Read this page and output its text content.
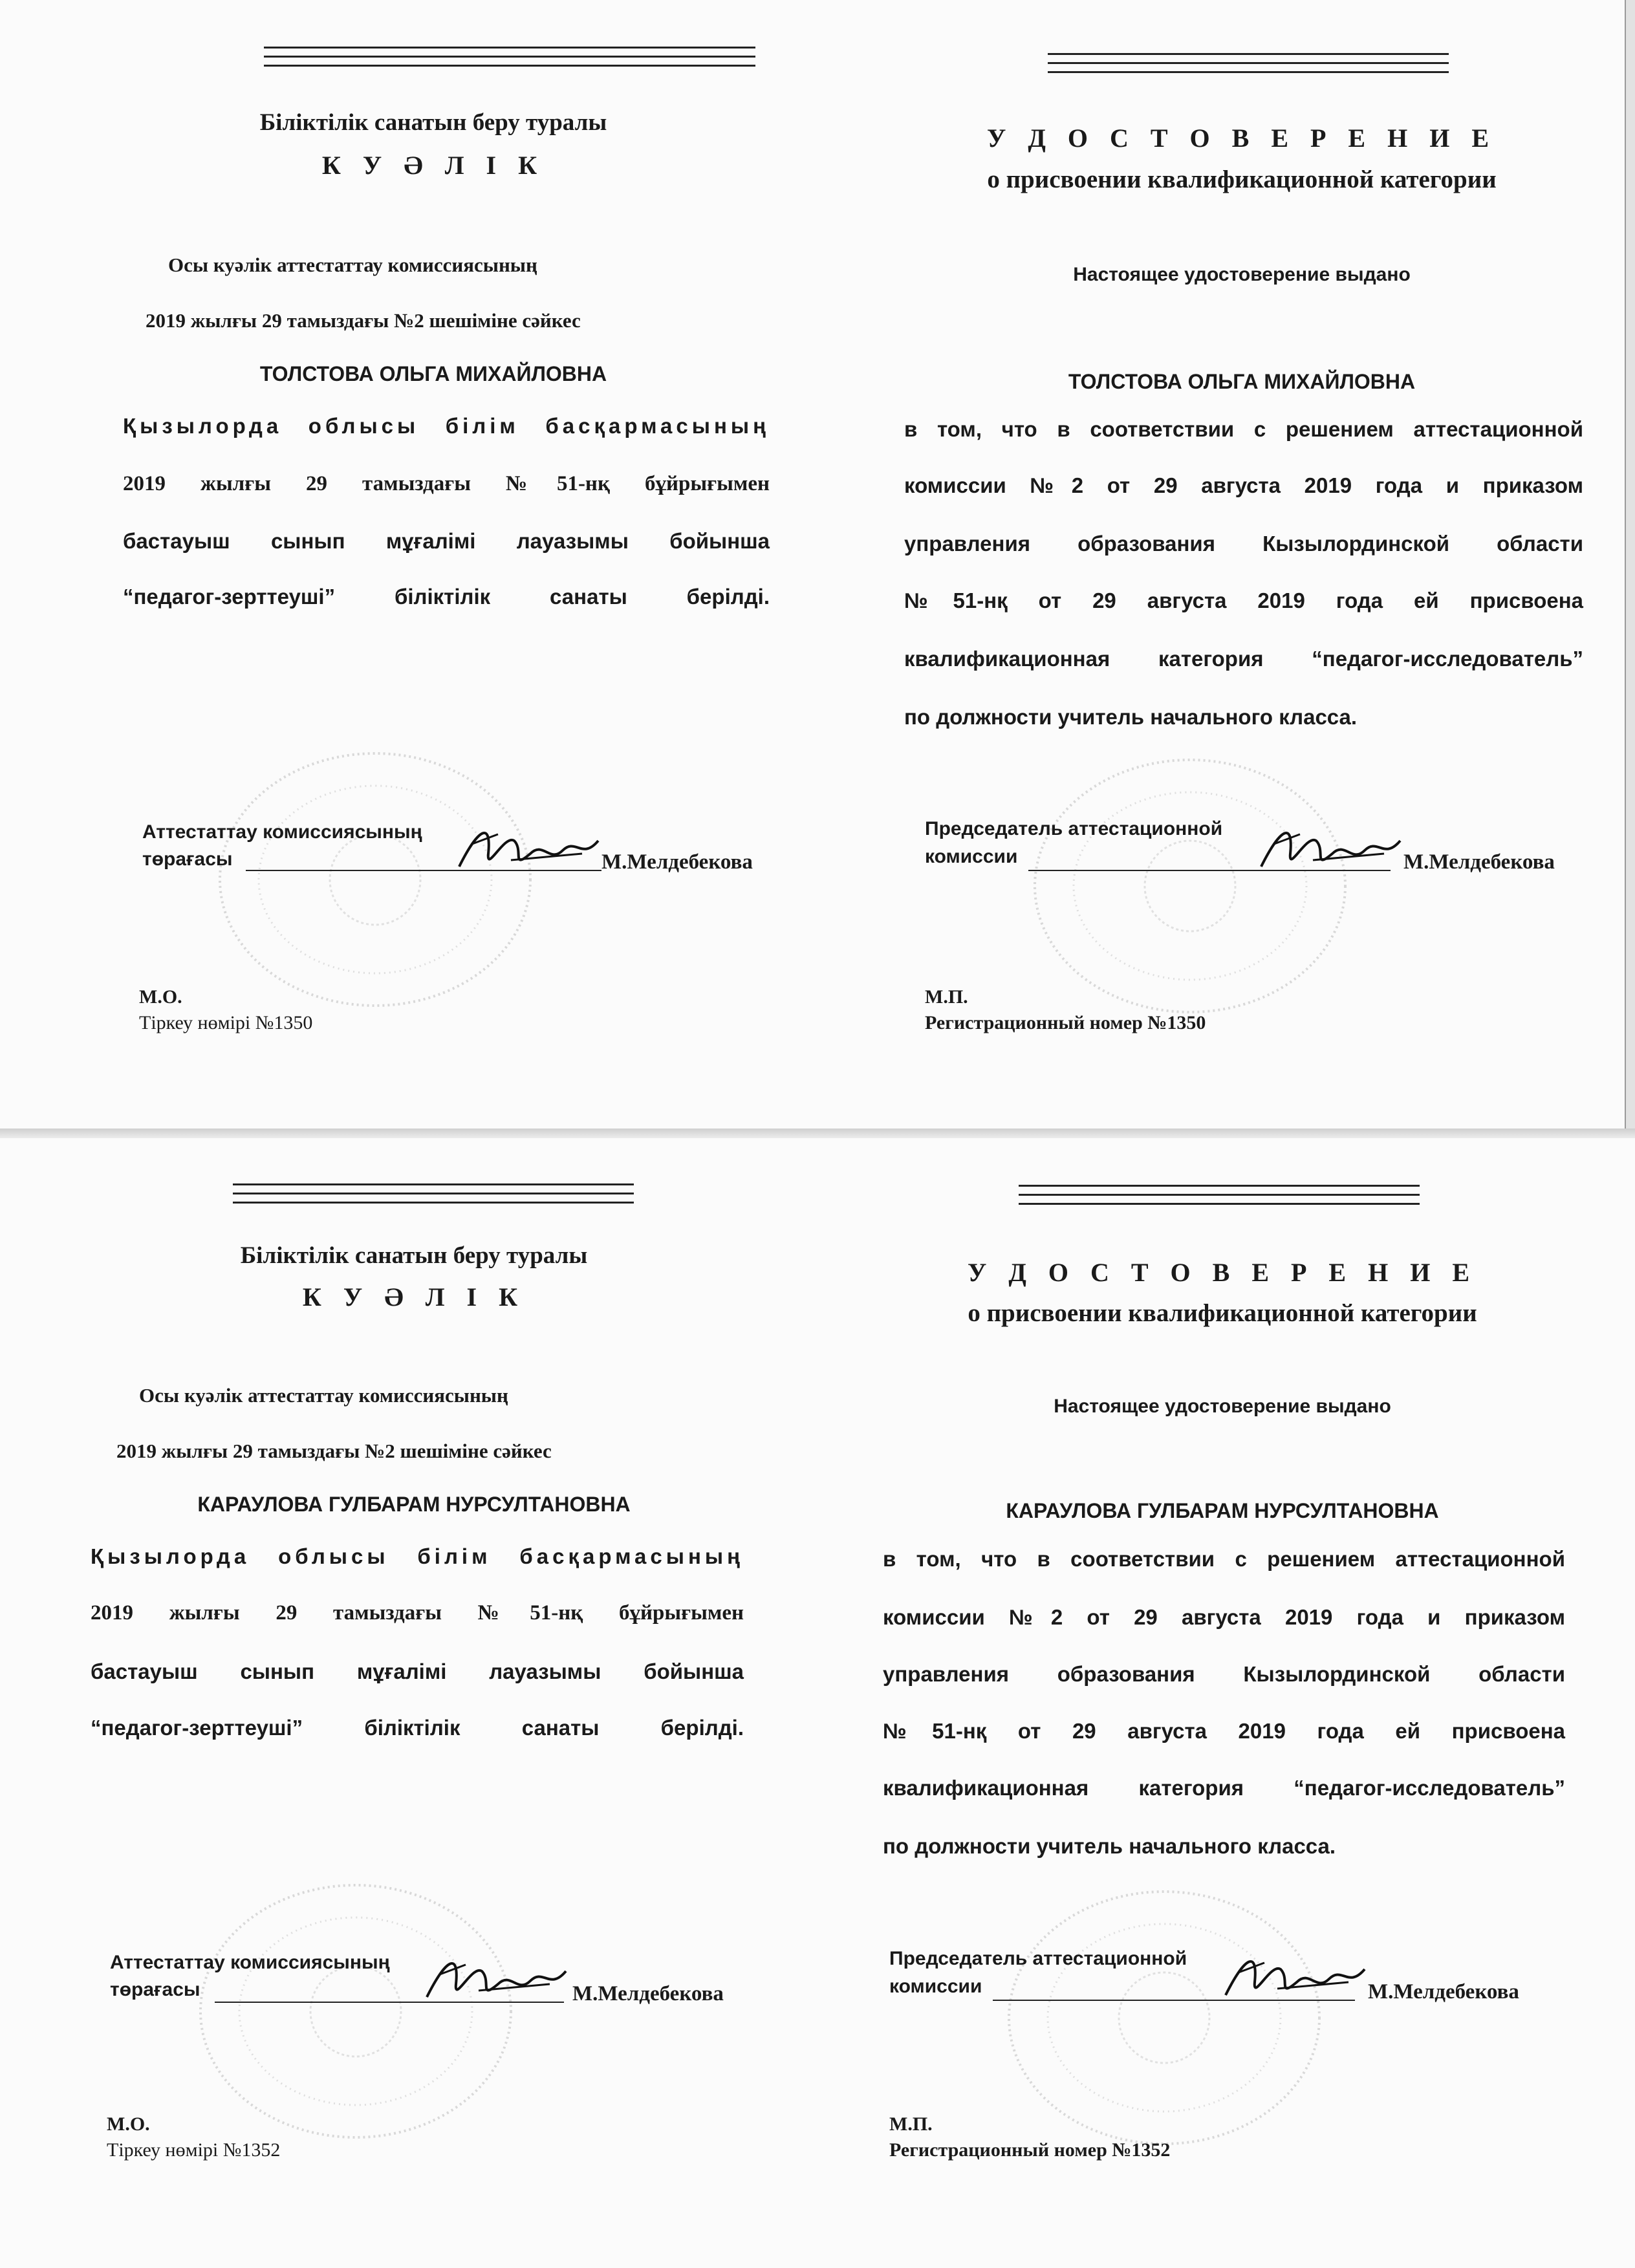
Біліктілік санатын беру туралы
К У Ә Л І К
Осы куәлік аттестаттау комиссиясының
2019 жылғы 29 тамыздағы №2 шешіміне сәйкес
ТОЛСТОВА ОЛЬГА МИХАЙЛОВНА
Қызылорда облысы білім басқармасының
2019 жылғы 29 тамыздағы №51-нқ бұйрығымен
бастауыш сынып мұғалімі лауазымы бойынша
“педагог-зерттеуші” біліктілік санаты берілді.
Аттестаттау комиссиясының
төрағасы	М.Мелдебекова
М.О.
Тіркеу нөмірі №1350
У Д О С Т О В Е Р Е Н И Е
о присвоении квалификационной категории
Настоящее удостоверение выдано
ТОЛСТОВА ОЛЬГА МИХАЙЛОВНА
в том, что в соответствии с решением аттестационной
комиссии №2 от 29 августа 2019 года и приказом
управления образования Кызылординской области
№51-нқ от 29 августа 2019 года ей присвоена
квалификационная категория “педагог-исследователь”
по должности учитель начального класса.
Председатель аттестационной
комиссии	М.Мелдебекова
М.П.
Регистрационный номер №1350
Біліктілік санатын беру туралы
К У Ә Л І К
Осы куәлік аттестаттау комиссиясының
2019 жылғы 29 тамыздағы №2 шешіміне сәйкес
КАРАУЛОВА ГУЛБАРАМ НУРСУЛТАНОВНА
Қызылорда облысы білім басқармасының
2019 жылғы 29 тамыздағы №51-нқ бұйрығымен
бастауыш сынып мұғалімі лауазымы бойынша
“педагог-зерттеуші” біліктілік санаты берілді.
Аттестаттау комиссиясының
төрағасы	М.Мелдебекова
М.О.
Тіркеу нөмірі №1352
У Д О С Т О В Е Р Е Н И Е
о присвоении квалификационной категории
Настоящее удостоверение выдано
КАРАУЛОВА ГУЛБАРАМ НУРСУЛТАНОВНА
в том, что в соответствии с решением аттестационной
комиссии №2 от 29 августа 2019 года и приказом
управления образования Кызылординской области
№51-нқ от 29 августа 2019 года ей присвоена
квалификационная категория “педагог-исследователь”
по должности учитель начального класса.
Председатель аттестационной
комиссии	М.Мелдебекова
М.П.
Регистрационный номер №1352
